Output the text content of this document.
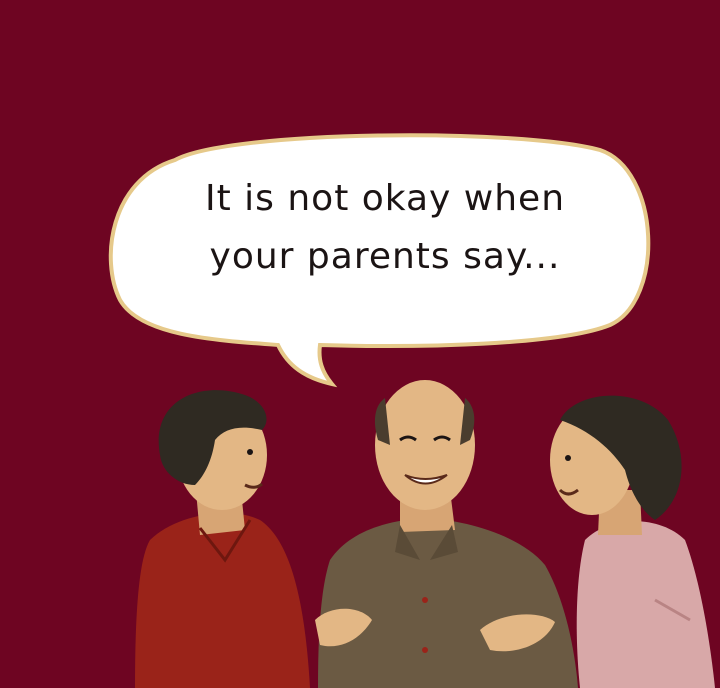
It is not okay when
your parents say...
